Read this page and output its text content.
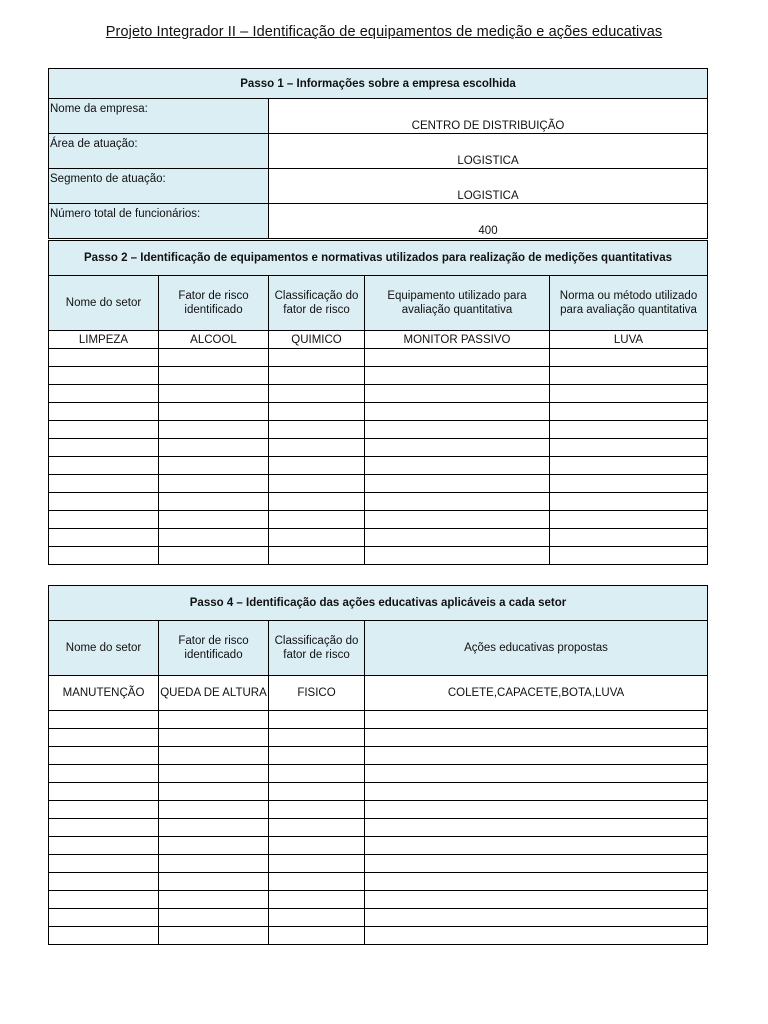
Projeto Integrador II – Identificação de equipamentos de medição e ações educativas
Passo 1 – Informações sobre a empresa escolhida	
Nome da empresa:	CENTRO DE DISTRIBUIÇÃO
Área de atuação:	LOGISTICA
Segmento de atuação:	LOGISTICA
Número total de funcionários:	400
Passo 2 – Identificação de equipamentos e normativas utilizados para realização de medições quantitativas				
Nome do setor	Fator de risco identificado	Classificação do fator de risco	Equipamento utilizado para avaliação quantitativa	Norma ou método utilizado para avaliação quantitativa
LIMPEZA	ALCOOL	QUIMICO	MONITOR PASSIVO	LUVA

Passo 4 – Identificação das ações educativas aplicáveis a cada setor			
Nome do setor	Fator de risco identificado	Classificação do fator de risco	Ações educativas propostas
MANUTENÇÃO	QUEDA DE ALTURA	FISICO	COLETE,CAPACETE,BOTA,LUVA
